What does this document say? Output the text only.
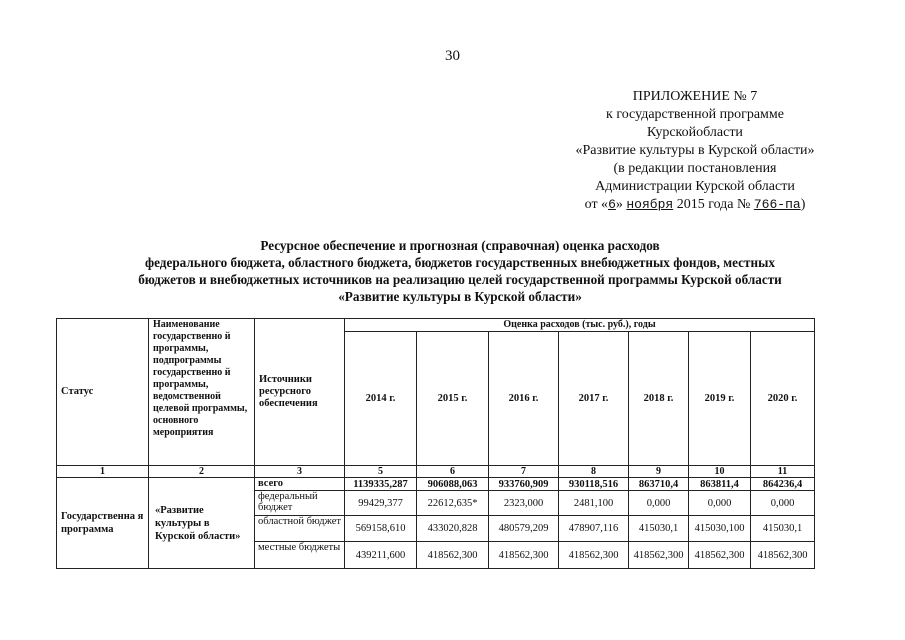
30
ПРИЛОЖЕНИЕ № 7
к государственной программе
Курскойобласти
«Развитие культуры в Курской области»
(в редакции постановления
Администрации Курской области
от «6» ноября 2015 года № 766-па)
Ресурсное обеспечение и прогнозная (справочная) оценка расходов
федерального бюджета, областного бюджета, бюджетов государственных внебюджетных фондов, местных
бюджетов и внебюджетных источников на реализацию целей государственной программы Курской области
«Развитие культуры в Курской области»
Статус	Наименование государственно й программы, подпрограммы государственно й программы, ведомственной целевой программы, основного мероприятия	Источники ресурсного обеспечения	Оценка расходов (тыс. руб.), годы						
			2014 г.	2015 г.	2016 г.	2017 г.	2018 г.	2019 г.	2020 г.
1	2	3	5	6	7	8	9	10	11
Государственна я программа	«Развитие культуры в Курской области»	всего	1139335,287	906088,063	933760,909	930118,516	863710,4	863811,4	864236,4
		федеральный бюджет	99429,377	22612,635*	2323,000	2481,100	0,000	0,000	0,000
		областной бюджет	569158,610	433020,828	480579,209	478907,116	415030,1	415030,100	415030,1
		местные бюджеты	439211,600	418562,300	418562,300	418562,300	418562,300	418562,300	418562,300
